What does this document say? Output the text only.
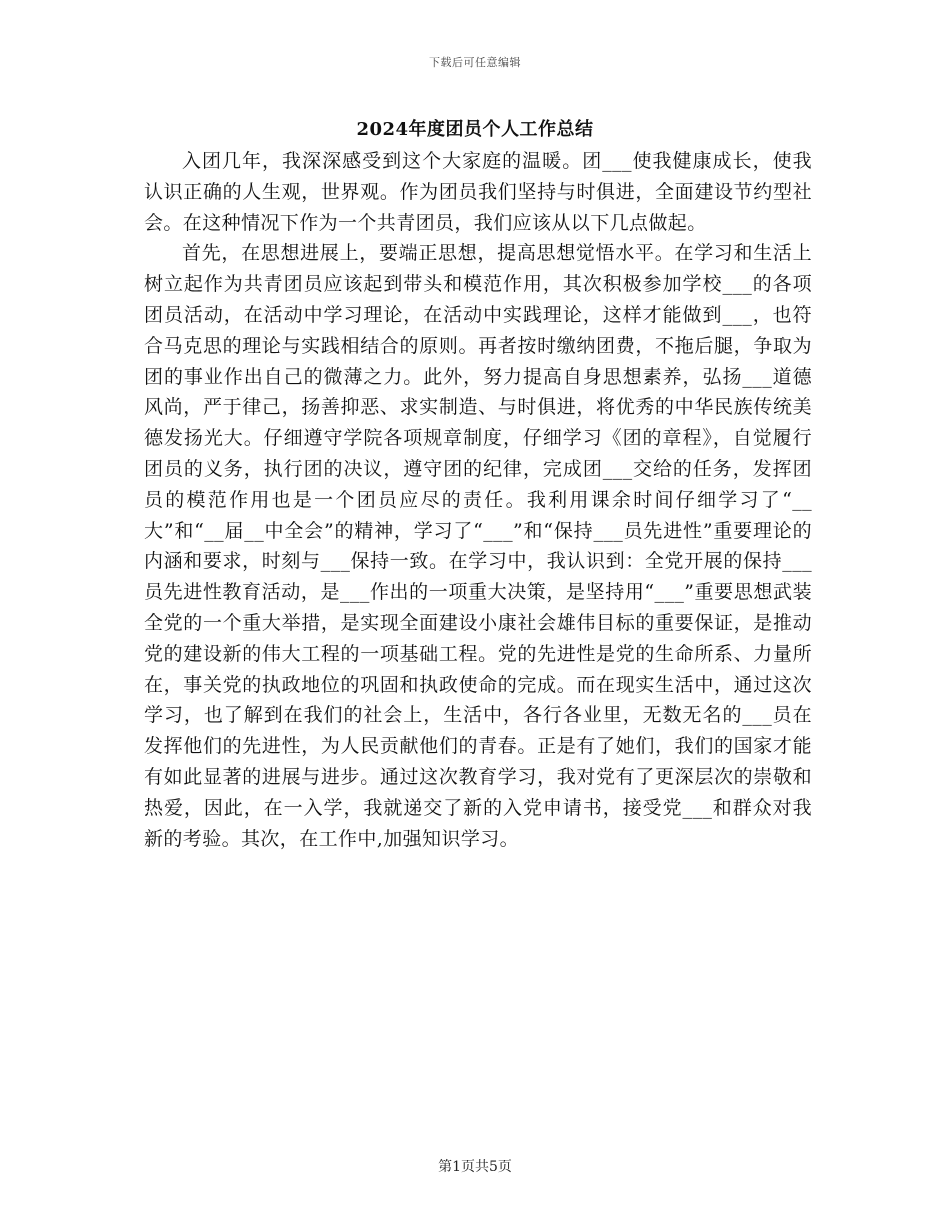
下载后可任意编辑
2024年度团员个人工作总结

入团几年，我深深感受到这个大家庭的温暖。团___使我健康成长，使我认识正确的人生观，世界观。作为团员我们坚持与时俱进，全面建设节约型社会。在这种情况下作为一个共青团员，我们应该从以下几点做起。

首先，在思想进展上，要端正思想，提高思想觉悟水平。在学习和生活上树立起作为共青团员应该起到带头和模范作用，其次积极参加学校___的各项团员活动，在活动中学习理论，在活动中实践理论，这样才能做到___，也符合马克思的理论与实践相结合的原则。再者按时缴纳团费，不拖后腿，争取为团的事业作出自己的微薄之力。此外，努力提高自身思想素养，弘扬___道德风尚，严于律己，扬善抑恶、求实制造、与时俱进，将优秀的中华民族传统美德发扬光大。仔细遵守学院各项规章制度，仔细学习《团的章程》，自觉履行团员的义务，执行团的决议，遵守团的纪律，完成团___交给的任务，发挥团员的模范作用也是一个团员应尽的责任。我利用课余时间仔细学习了“__大”和“__届__中全会”的精神，学习了“___”和“保持___员先进性”重要理论的内涵和要求，时刻与___保持一致。在学习中，我认识到：全党开展的保持___员先进性教育活动，是___作出的一项重大决策，是坚持用“___”重要思想武装全党的一个重大举措，是实现全面建设小康社会雄伟目标的重要保证，是推动党的建设新的伟大工程的一项基础工程。党的先进性是党的生命所系、力量所在，事关党的执政地位的巩固和执政使命的完成。而在现实生活中，通过这次学习，也了解到在我们的社会上，生活中，各行各业里，无数无名的___员在发挥他们的先进性，为人民贡献他们的青春。正是有了她们，我们的国家才能有如此显著的进展与进步。通过这次教育学习，我对党有了更深层次的崇敬和热爱，因此，在一入学，我就递交了新的入党申请书，接受党___和群众对我新的考验。其次，在工作中,加强知识学习。

第1页共5页
